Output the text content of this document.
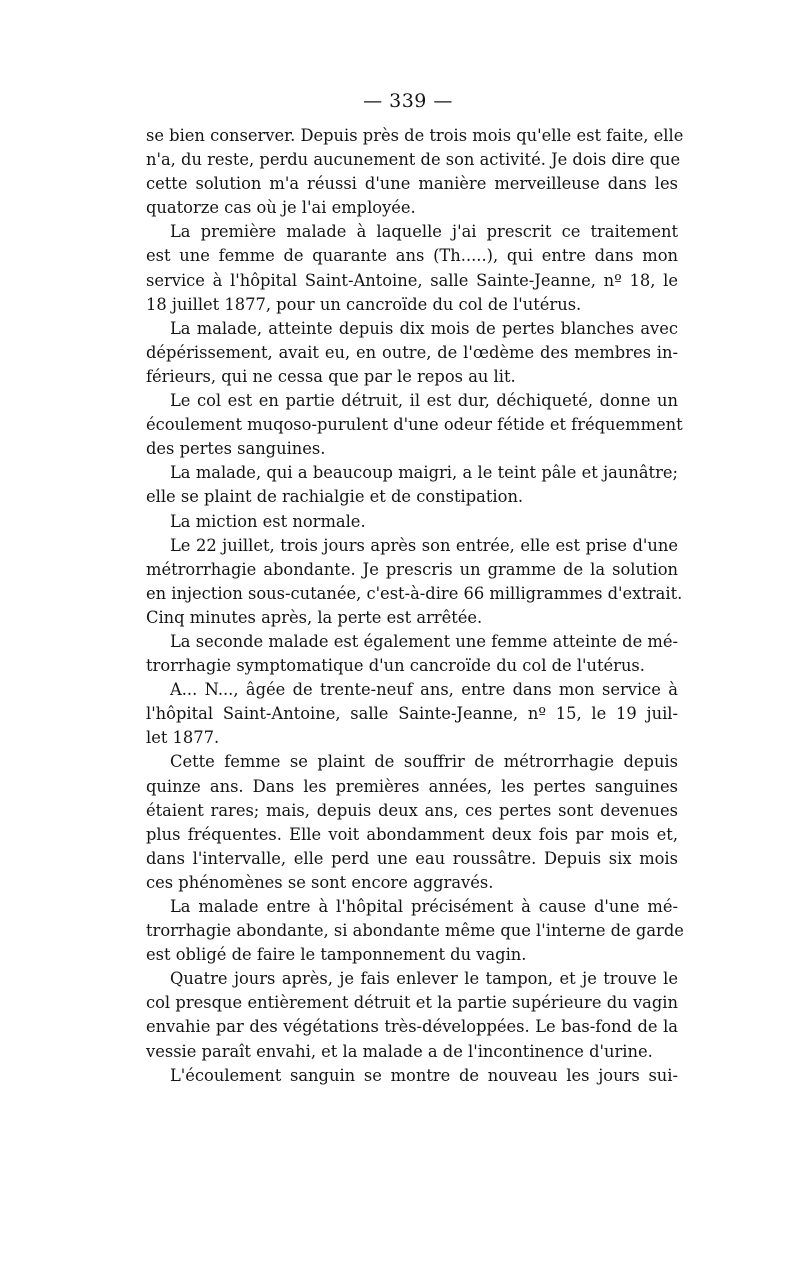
— 339 —
se bien conserver. Depuis près de trois mois qu'elle est faite, elle
n'a, du reste, perdu aucunement de son activité. Je dois dire que
cette solution m'a réussi d'une manière merveilleuse dans les
quatorze cas où je l'ai employée.
La première malade à laquelle j'ai prescrit ce traitement
est une femme de quarante ans (Th.....), qui entre dans mon
service à l'hôpital Saint-Antoine, salle Sainte-Jeanne, nº 18, le
18 juillet 1877, pour un cancroïde du col de l'utérus.
La malade, atteinte depuis dix mois de pertes blanches avec
dépérissement, avait eu, en outre, de l'œdème des membres in-
férieurs, qui ne cessa que par le repos au lit.
Le col est en partie détruit, il est dur, déchiqueté, donne un
écoulement muqoso-purulent d'une odeur fétide et fréquemment
des pertes sanguines.
La malade, qui a beaucoup maigri, a le teint pâle et jaunâtre;
elle se plaint de rachialgie et de constipation.
La miction est normale.
Le 22 juillet, trois jours après son entrée, elle est prise d'une
métrorrhagie abondante. Je prescris un gramme de la solution
en injection sous-cutanée, c'est-à-dire 66 milligrammes d'extrait.
Cinq minutes après, la perte est arrêtée.
La seconde malade est également une femme atteinte de mé-
trorrhagie symptomatique d'un cancroïde du col de l'utérus.
A... N..., âgée de trente-neuf ans, entre dans mon service à
l'hôpital Saint-Antoine, salle Sainte-Jeanne, nº 15, le 19 juil-
let 1877.
Cette femme se plaint de souffrir de métrorrhagie depuis
quinze ans. Dans les premières années, les pertes sanguines
étaient rares; mais, depuis deux ans, ces pertes sont devenues
plus fréquentes. Elle voit abondamment deux fois par mois et,
dans l'intervalle, elle perd une eau roussâtre. Depuis six mois
ces phénomènes se sont encore aggravés.
La malade entre à l'hôpital précisément à cause d'une mé-
trorrhagie abondante, si abondante même que l'interne de garde
est obligé de faire le tamponnement du vagin.
Quatre jours après, je fais enlever le tampon, et je trouve le
col presque entièrement détruit et la partie supérieure du vagin
envahie par des végétations très-développées. Le bas-fond de la
vessie paraît envahi, et la malade a de l'incontinence d'urine.
L'écoulement sanguin se montre de nouveau les jours sui-
